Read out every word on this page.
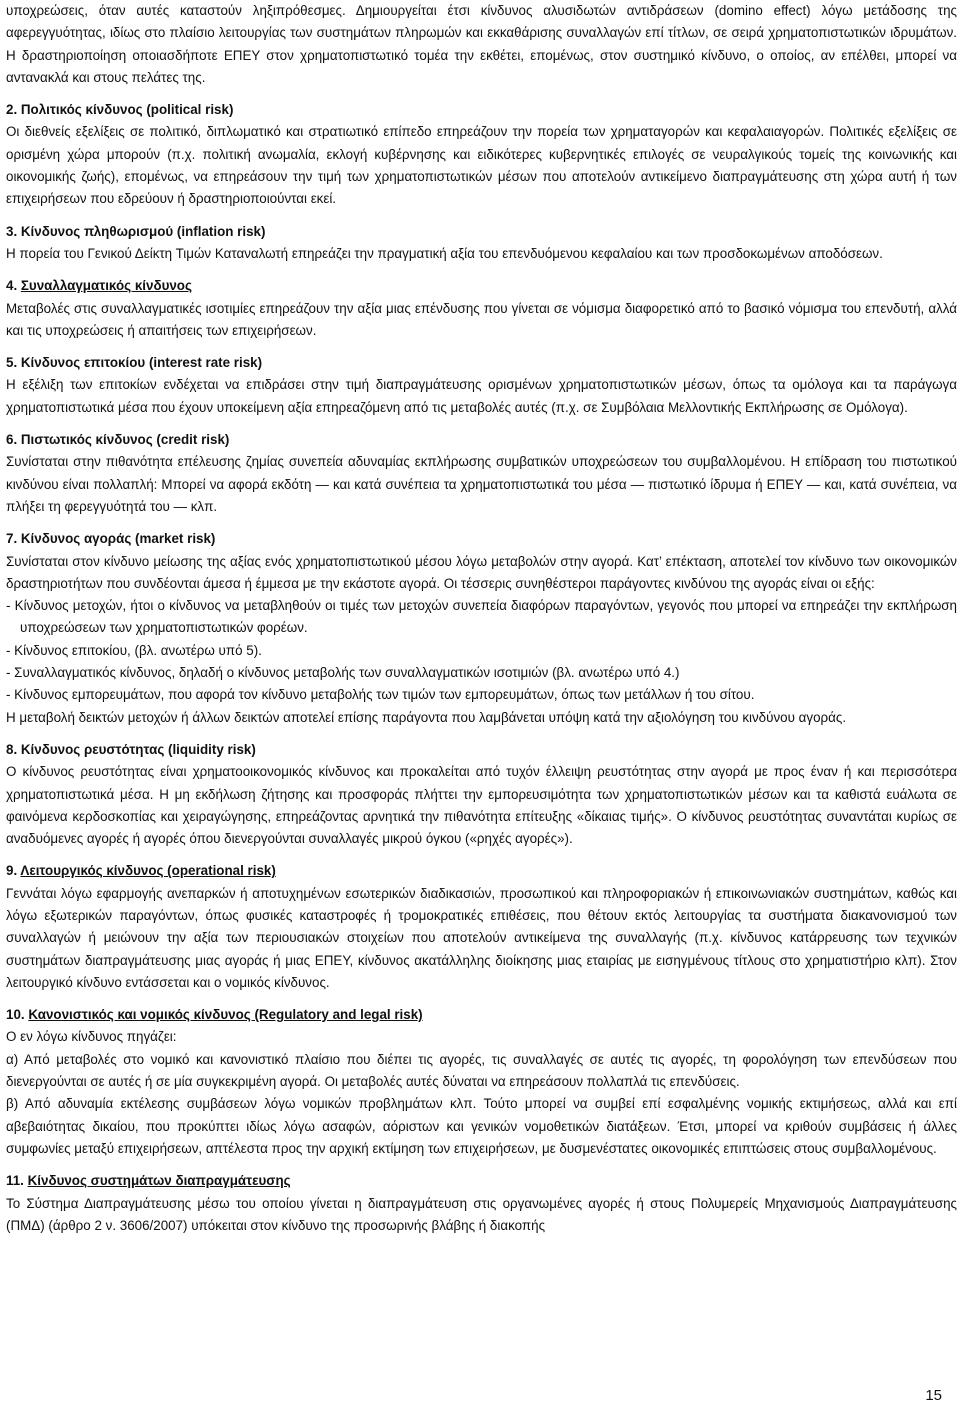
υποχρεώσεις, όταν αυτές καταστούν ληξιπρόθεσμες. Δημιουργείται έτσι κίνδυνος αλυσιδωτών αντιδράσεων (domino effect) λόγω μετάδοσης της αφερεγγυότητας, ιδίως στο πλαίσιο λειτουργίας των συστημάτων πληρωμών και εκκαθάρισης συναλλαγών επί τίτλων, σε σειρά χρηματοπιστωτικών ιδρυμάτων. Η δραστηριοποίηση οποιασδήποτε ΕΠΕΥ στον χρηματοπιστωτικό τομέα την εκθέτει, επομένως, στον συστημικό κίνδυνο, ο οποίος, αν επέλθει, μπορεί να αντανακλά και στους πελάτες της.

2. Πολιτικός κίνδυνος (political risk)

Οι διεθνείς εξελίξεις σε πολιτικό, διπλωματικό και στρατιωτικό επίπεδο επηρεάζουν την πορεία των χρηματαγορών και κεφαλαιαγορών. Πολιτικές εξελίξεις σε ορισμένη χώρα μπορούν (π.χ. πολιτική ανωμαλία, εκλογή κυβέρνησης και ειδικότερες κυβερνητικές επιλογές σε νευραλγικούς τομείς της κοινωνικής και οικονομικής ζωής), επομένως, να επηρεάσουν την τιμή των χρηματοπιστωτικών μέσων που αποτελούν αντικείμενο διαπραγμάτευσης στη χώρα αυτή ή των επιχειρήσεων που εδρεύουν ή δραστηριοποιούνται εκεί.

3. Κίνδυνος πληθωρισμού (inflation risk)

Η πορεία του Γενικού Δείκτη Τιμών Καταναλωτή επηρεάζει την πραγματική αξία του επενδυόμενου κεφαλαίου και των προσδοκωμένων αποδόσεων.

4. Συναλλαγματικός κίνδυνος

Μεταβολές στις συναλλαγματικές ισοτιμίες επηρεάζουν την αξία μιας επένδυσης που γίνεται σε νόμισμα διαφορετικό από το βασικό νόμισμα του επενδυτή, αλλά και τις υποχρεώσεις ή απαιτήσεις των επιχειρήσεων.

5. Κίνδυνος επιτοκίου (interest rate risk)

Η εξέλιξη των επιτοκίων ενδέχεται να επιδράσει στην τιμή διαπραγμάτευσης ορισμένων χρηματοπιστωτικών μέσων, όπως τα ομόλογα και τα παράγωγα χρηματοπιστωτικά μέσα που έχουν υποκείμενη αξία επηρεαζόμενη από τις μεταβολές αυτές (π.χ. σε Συμβόλαια Μελλοντικής Εκπλήρωσης σε Ομόλογα).

6. Πιστωτικός κίνδυνος (credit risk)

Συνίσταται στην πιθανότητα επέλευσης ζημίας συνεπεία αδυναμίας εκπλήρωσης συμβατικών υποχρεώσεων του συμβαλλομένου. Η επίδραση του πιστωτικού κινδύνου είναι πολλαπλή: Μπορεί να αφορά εκδότη — και κατά συνέπεια τα χρηματοπιστωτικά του μέσα — πιστωτικό ίδρυμα ή ΕΠΕΥ — και, κατά συνέπεια, να πλήξει τη φερεγγυότητά του — κλπ.

7. Κίνδυνος αγοράς (market risk)

Συνίσταται στον κίνδυνο μείωσης της αξίας ενός χρηματοπιστωτικού μέσου λόγω μεταβολών στην αγορά. Κατ’ επέκταση, αποτελεί τον κίνδυνο των οικονομικών δραστηριοτήτων που συνδέονται άμεσα ή έμμεσα με την εκάστοτε αγορά. Οι τέσσερις συνηθέστεροι παράγοντες κινδύνου της αγοράς είναι οι εξής:

- Κίνδυνος μετοχών, ήτοι ο κίνδυνος να μεταβληθούν οι τιμές των μετοχών συνεπεία διαφόρων παραγόντων, γεγονός που μπορεί να επηρεάζει την εκπλήρωση υποχρεώσεων των χρηματοπιστωτικών φορέων.

- Κίνδυνος επιτοκίου, (βλ. ανωτέρω υπό 5).

- Συναλλαγματικός κίνδυνος, δηλαδή ο κίνδυνος μεταβολής των συναλλαγματικών ισοτιμιών (βλ. ανωτέρω υπό 4.)

- Κίνδυνος εμπορευμάτων, που αφορά τον κίνδυνο μεταβολής των τιμών των εμπορευμάτων, όπως των μετάλλων ή του σίτου.

Η μεταβολή δεικτών μετοχών ή άλλων δεικτών αποτελεί επίσης παράγοντα που λαμβάνεται υπόψη κατά την αξιολόγηση του κινδύνου αγοράς.

8. Κίνδυνος ρευστότητας (liquidity risk)

Ο κίνδυνος ρευστότητας είναι χρηματοοικονομικός κίνδυνος και προκαλείται από τυχόν έλλειψη ρευστότητας στην αγορά με προς έναν ή και περισσότερα χρηματοπιστωτικά μέσα. Η μη εκδήλωση ζήτησης και προσφοράς πλήττει την εμπορευσιμότητα των χρηματοπιστωτικών μέσων και τα καθιστά ευάλωτα σε φαινόμενα κερδοσκοπίας και χειραγώγησης, επηρεάζοντας αρνητικά την πιθανότητα επίτευξης «δίκαιας τιμής». Ο κίνδυνος ρευστότητας συναντάται κυρίως σε αναδυόμενες αγορές ή αγορές όπου διενεργούνται συναλλαγές μικρού όγκου («ρηχές αγορές»).

9. Λειτουργικός κίνδυνος (operational risk)

Γεννάται λόγω εφαρμογής ανεπαρκών ή αποτυχημένων εσωτερικών διαδικασιών, προσωπικού και πληροφοριακών ή επικοινωνιακών συστημάτων, καθώς και λόγω εξωτερικών παραγόντων, όπως φυσικές καταστροφές ή τρομοκρατικές επιθέσεις, που θέτουν εκτός λειτουργίας τα συστήματα διακανονισμού των συναλλαγών ή μειώνουν την αξία των περιουσιακών στοιχείων που αποτελούν αντικείμενα της συναλλαγής (π.χ. κίνδυνος κατάρρευσης των τεχνικών συστημάτων διαπραγμάτευσης μιας αγοράς ή μιας ΕΠΕΥ, κίνδυνος ακατάλληλης διοίκησης μιας εταιρίας με εισηγμένους τίτλους στο χρηματιστήριο κλπ). Στον λειτουργικό κίνδυνο εντάσσεται και ο νομικός κίνδυνος.

10. Κανονιστικός και νομικός κίνδυνος (Regulatory and legal risk)

Ο εν λόγω κίνδυνος πηγάζει:

α) Από μεταβολές στο νομικό και κανονιστικό πλαίσιο που διέπει τις αγορές, τις συναλλαγές σε αυτές τις αγορές, τη φορολόγηση των επενδύσεων που διενεργούνται σε αυτές ή σε μία συγκεκριμένη αγορά. Οι μεταβολές αυτές δύναται να επηρεάσουν πολλαπλά τις επενδύσεις.

β) Από αδυναμία εκτέλεσης συμβάσεων λόγω νομικών προβλημάτων κλπ. Τούτο μπορεί να συμβεί επί εσφαλμένης νομικής εκτιμήσεως, αλλά και επί αβεβαιότητας δικαίου, που προκύπτει ιδίως λόγω ασαφών, αόριστων και γενικών νομοθετικών διατάξεων. Έτσι, μπορεί να κριθούν συμβάσεις ή άλλες συμφωνίες μεταξύ επιχειρήσεων, απτέλεστα προς την αρχική εκτίμηση των επιχειρήσεων, με δυσμενέστατες οικονομικές επιπτώσεις στους συμβαλλομένους.

11. Κίνδυνος συστημάτων διαπραγμάτευσης

Το Σύστημα Διαπραγμάτευσης μέσω του οποίου γίνεται η διαπραγμάτευση στις οργανωμένες αγορές ή στους Πολυμερείς Μηχανισμούς Διαπραγμάτευσης (ΠΜΔ) (άρθρο 2 ν. 3606/2007) υπόκειται στον κίνδυνο της προσωρινής βλάβης ή διακοπής

15
